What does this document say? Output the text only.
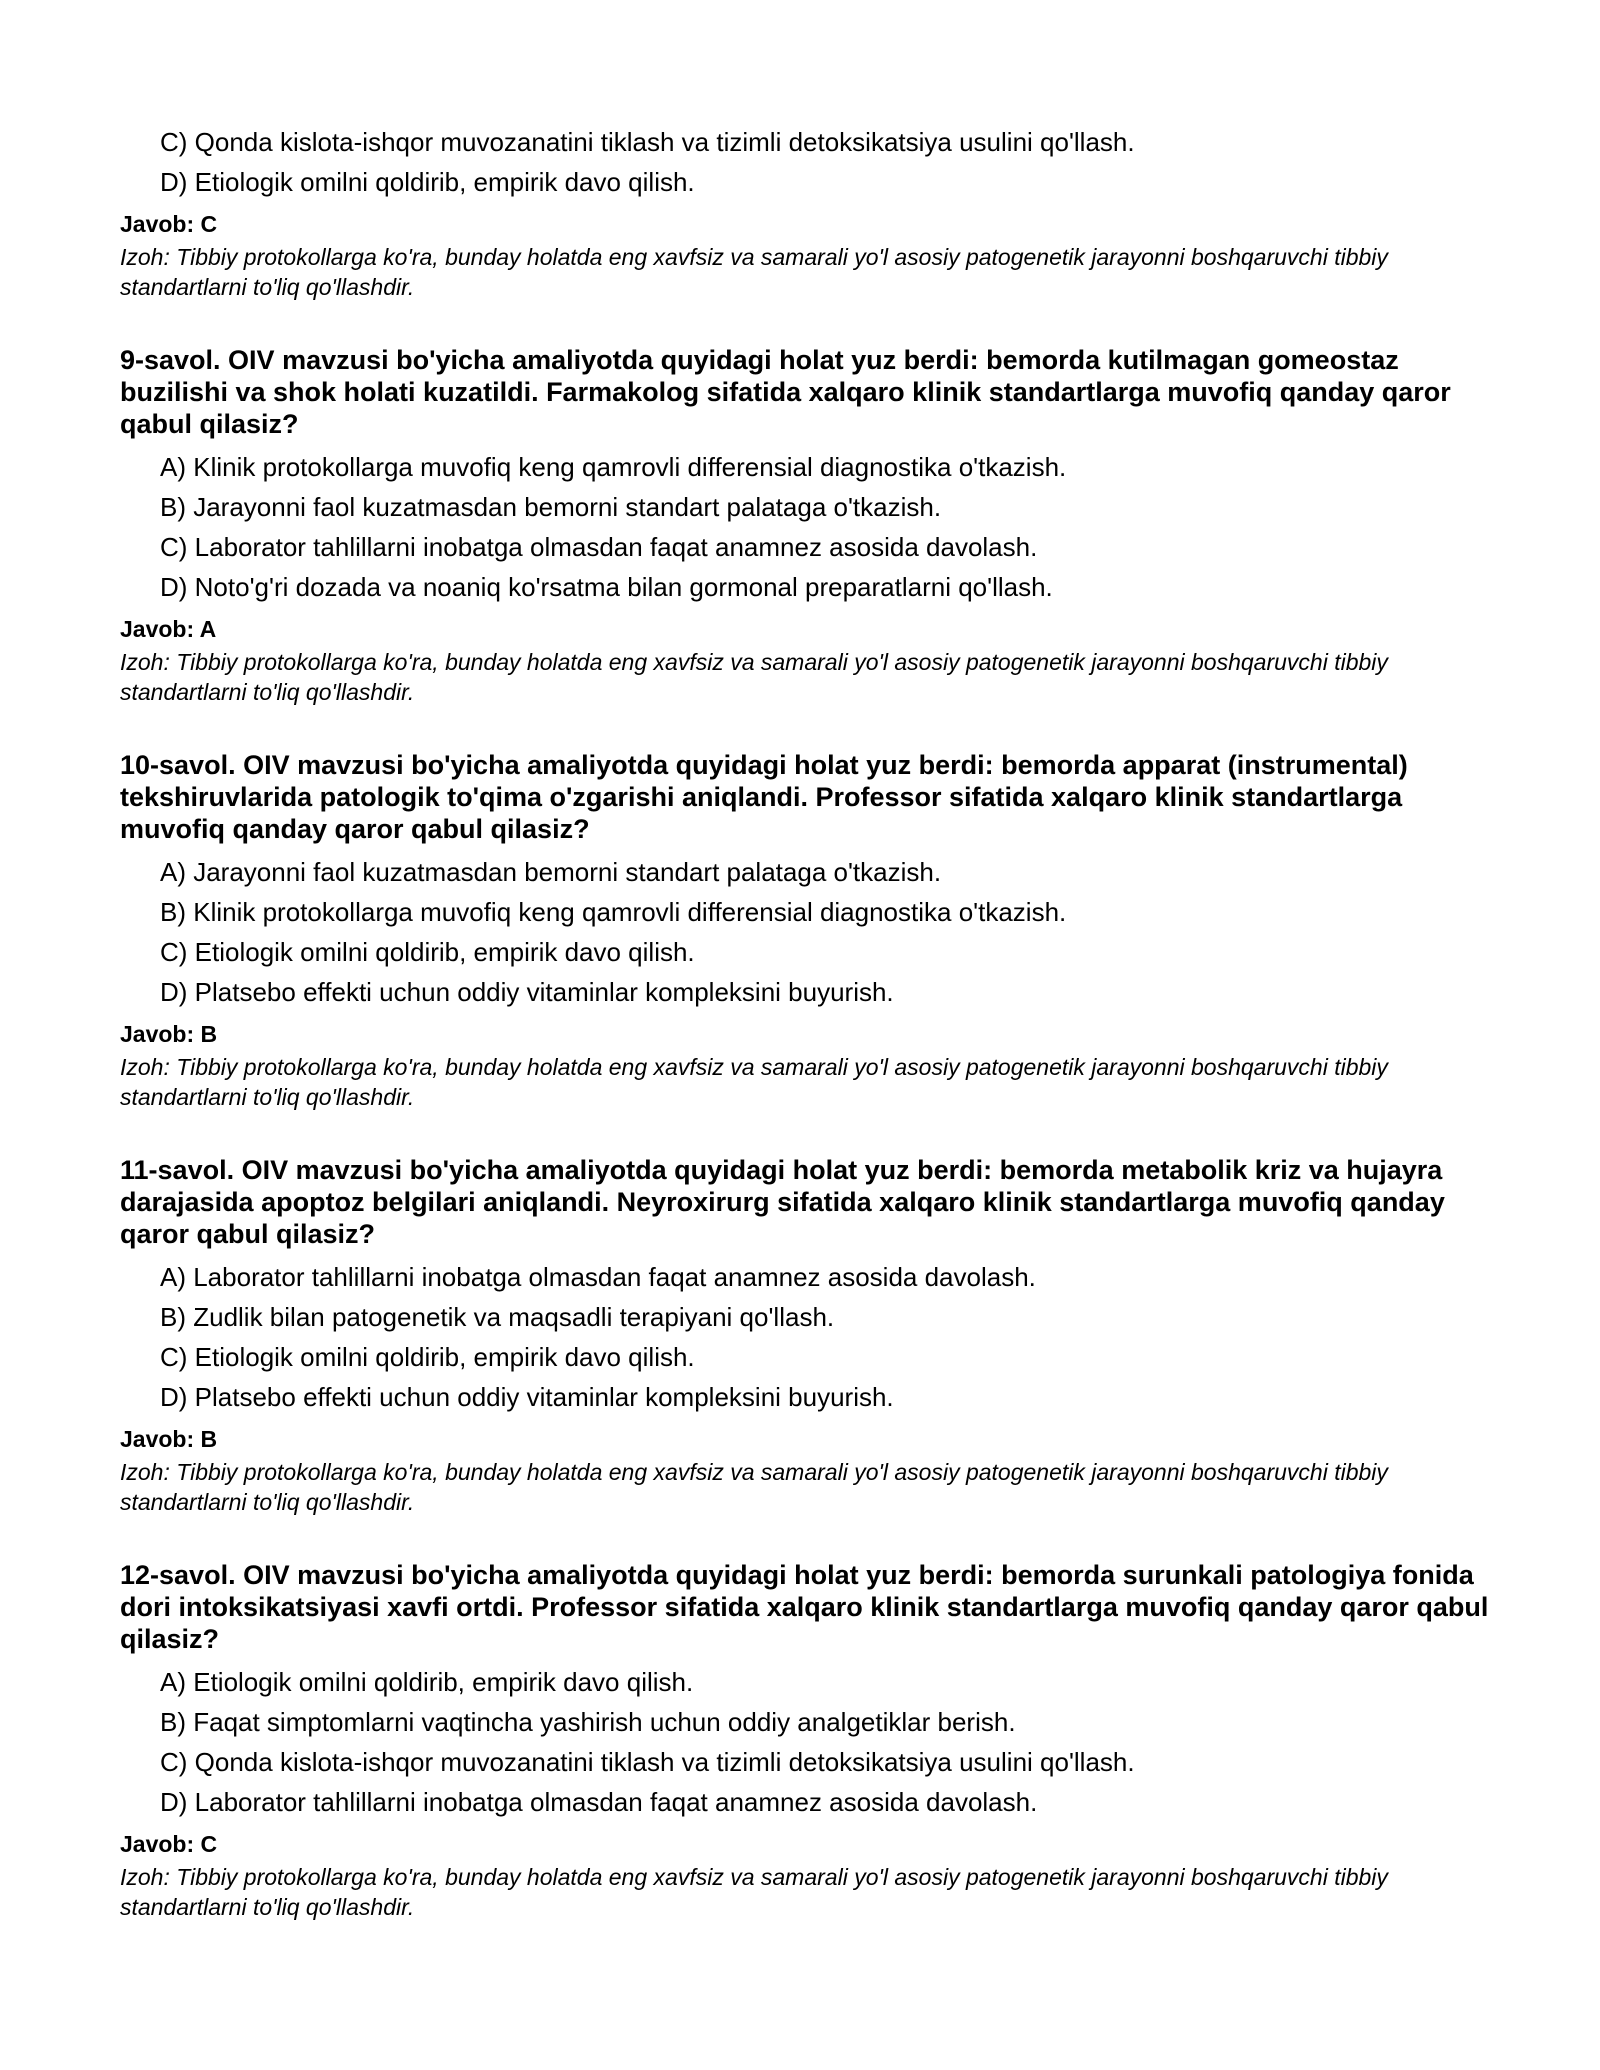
C) Qonda kislota-ishqor muvozanatini tiklash va tizimli detoksikatsiya usulini qo'llash.
D) Etiologik omilni qoldirib, empirik davo qilish.
Javob: C
Izoh: Tibbiy protokollarga ko'ra, bunday holatda eng xavfsiz va samarali yo'l asosiy patogenetik jarayonni boshqaruvchi tibbiy standartlarni to'liq qo'llashdir.
9-savol. OIV mavzusi bo'yicha amaliyotda quyidagi holat yuz berdi: bemorda kutilmagan gomeostaz buzilishi va shok holati kuzatildi. Farmakolog sifatida xalqaro klinik standartlarga muvofiq qanday qaror qabul qilasiz?
A) Klinik protokollarga muvofiq keng qamrovli differensial diagnostika o'tkazish.
B) Jarayonni faol kuzatmasdan bemorni standart palataga o'tkazish.
C) Laborator tahlillarni inobatga olmasdan faqat anamnez asosida davolash.
D) Noto'g'ri dozada va noaniq ko'rsatma bilan gormonal preparatlarni qo'llash.
Javob: A
Izoh: Tibbiy protokollarga ko'ra, bunday holatda eng xavfsiz va samarali yo'l asosiy patogenetik jarayonni boshqaruvchi tibbiy standartlarni to'liq qo'llashdir.
10-savol. OIV mavzusi bo'yicha amaliyotda quyidagi holat yuz berdi: bemorda apparat (instrumental) tekshiruvlarida patologik to'qima o'zgarishi aniqlandi. Professor sifatida xalqaro klinik standartlarga muvofiq qanday qaror qabul qilasiz?
A) Jarayonni faol kuzatmasdan bemorni standart palataga o'tkazish.
B) Klinik protokollarga muvofiq keng qamrovli differensial diagnostika o'tkazish.
C) Etiologik omilni qoldirib, empirik davo qilish.
D) Platsebo effekti uchun oddiy vitaminlar kompleksini buyurish.
Javob: B
Izoh: Tibbiy protokollarga ko'ra, bunday holatda eng xavfsiz va samarali yo'l asosiy patogenetik jarayonni boshqaruvchi tibbiy standartlarni to'liq qo'llashdir.
11-savol. OIV mavzusi bo'yicha amaliyotda quyidagi holat yuz berdi: bemorda metabolik kriz va hujayra darajasida apoptoz belgilari aniqlandi. Neyroxirurg sifatida xalqaro klinik standartlarga muvofiq qanday qaror qabul qilasiz?
A) Laborator tahlillarni inobatga olmasdan faqat anamnez asosida davolash.
B) Zudlik bilan patogenetik va maqsadli terapiyani qo'llash.
C) Etiologik omilni qoldirib, empirik davo qilish.
D) Platsebo effekti uchun oddiy vitaminlar kompleksini buyurish.
Javob: B
Izoh: Tibbiy protokollarga ko'ra, bunday holatda eng xavfsiz va samarali yo'l asosiy patogenetik jarayonni boshqaruvchi tibbiy standartlarni to'liq qo'llashdir.
12-savol. OIV mavzusi bo'yicha amaliyotda quyidagi holat yuz berdi: bemorda surunkali patologiya fonida dori intoksikatsiyasi xavfi ortdi. Professor sifatida xalqaro klinik standartlarga muvofiq qanday qaror qabul qilasiz?
A) Etiologik omilni qoldirib, empirik davo qilish.
B) Faqat simptomlarni vaqtincha yashirish uchun oddiy analgetiklar berish.
C) Qonda kislota-ishqor muvozanatini tiklash va tizimli detoksikatsiya usulini qo'llash.
D) Laborator tahlillarni inobatga olmasdan faqat anamnez asosida davolash.
Javob: C
Izoh: Tibbiy protokollarga ko'ra, bunday holatda eng xavfsiz va samarali yo'l asosiy patogenetik jarayonni boshqaruvchi tibbiy standartlarni to'liq qo'llashdir.
